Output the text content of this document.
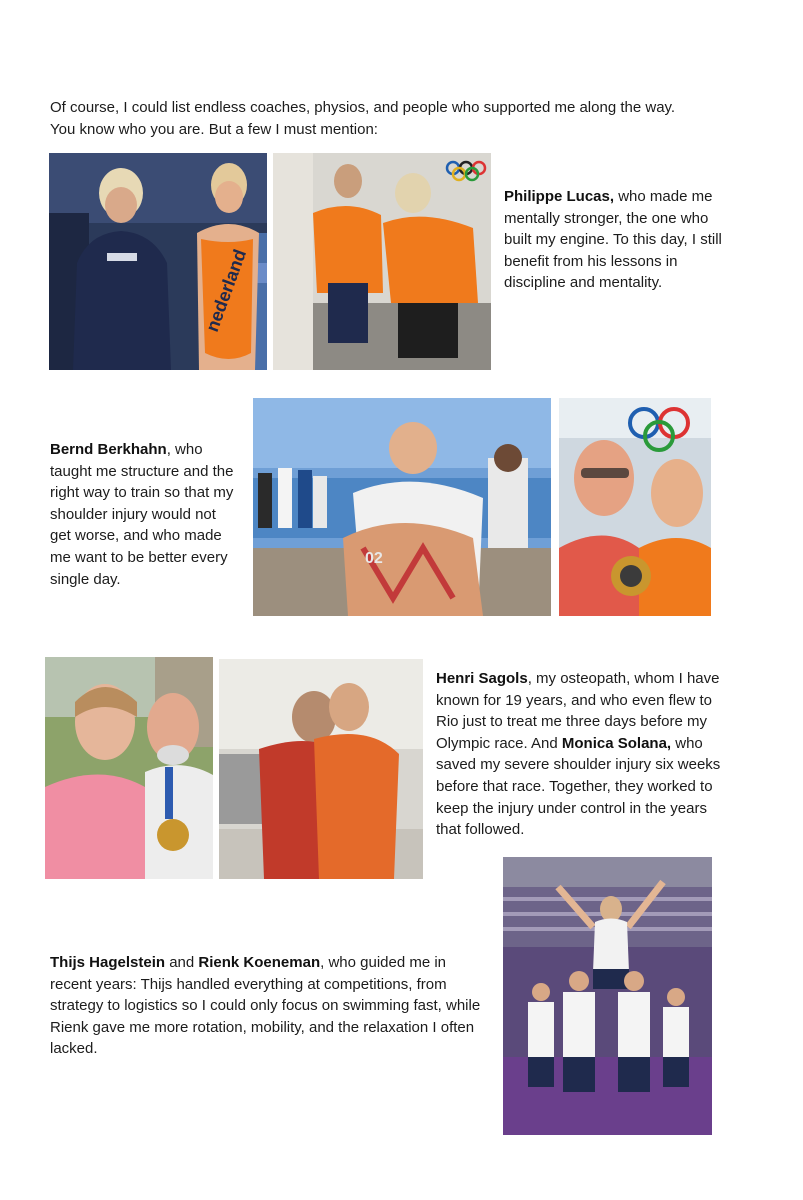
Of course, I could list endless coaches, physios, and people who supported me along the way.
You know who you are. But a few I must mention:
nederland
Philippe Lucas, who made me mentally stronger, the one who built my engine. To this day, I still benefit from his lessons in discipline and mentality.
Bernd Berkhahn, who taught me structure and the right way to train so that my shoulder injury would not get worse, and who made me want to be better every single day.
02
Henri Sagols, my osteopath, whom I have known for 19 years, and who even flew to Rio just to treat me three days before my Olympic race. And Monica Solana, who saved my severe shoulder injury six weeks before that race. Together, they worked to keep the injury under control in the years that followed.
Thijs Hagelstein and Rienk Koeneman, who guided me in recent years: Thijs handled everything at competitions, from strategy to logistics so I could only focus on swimming fast, while Rienk gave me more rotation, mobility, and the relaxation I often lacked.
